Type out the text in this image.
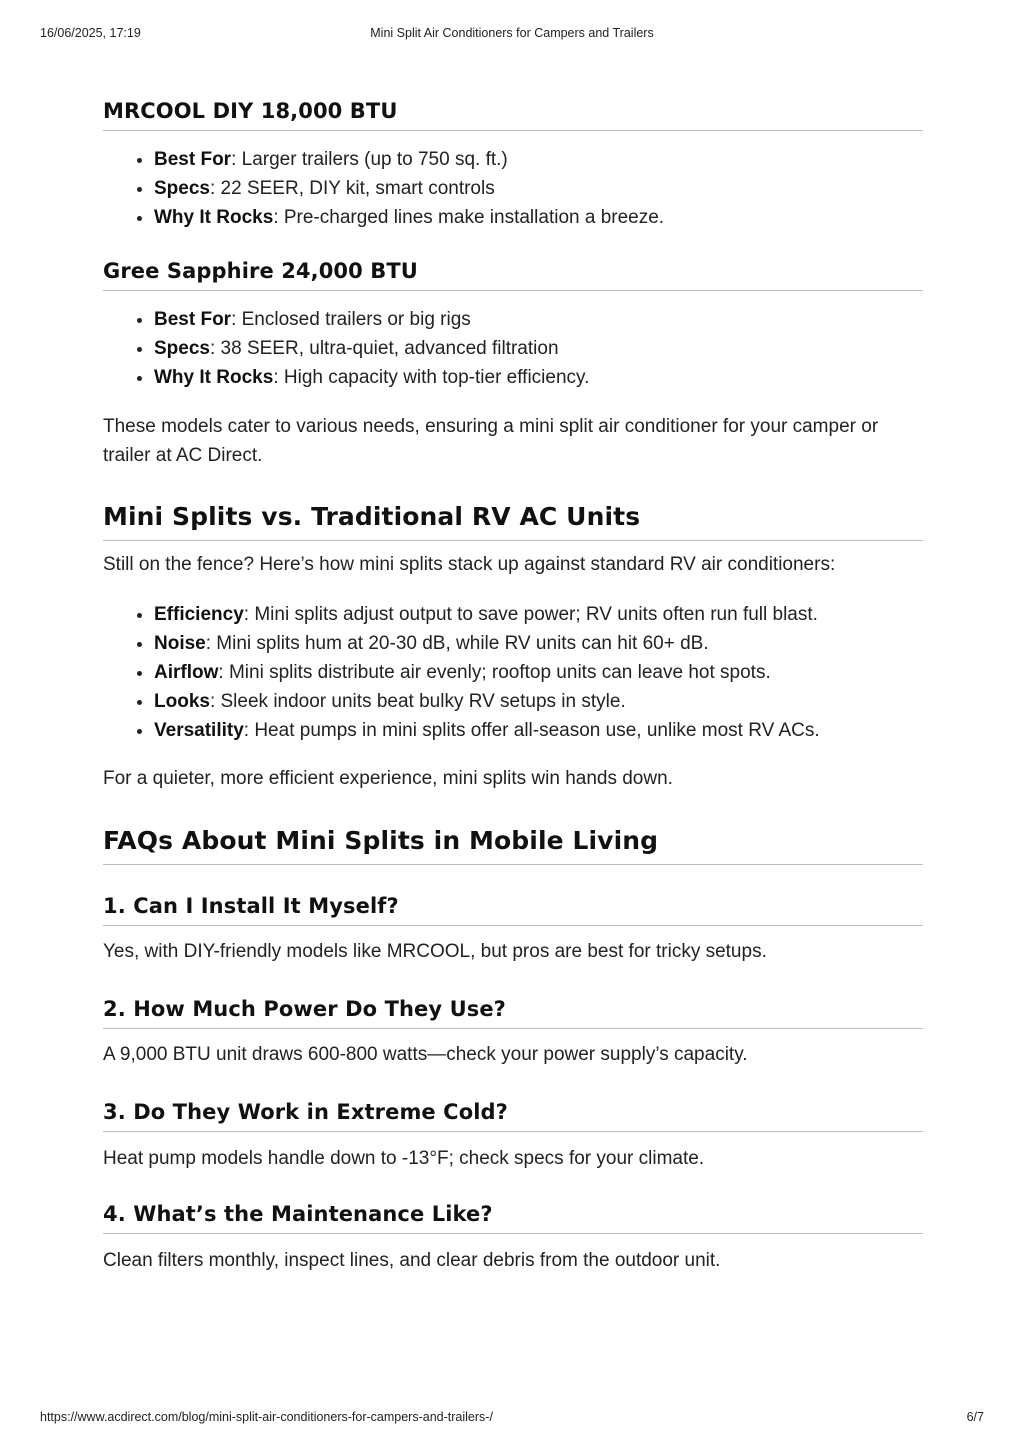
16/06/2025, 17:19	Mini Split Air Conditioners for Campers and Trailers
MRCOOL DIY 18,000 BTU
• Best For: Larger trailers (up to 750 sq. ft.)
• Specs: 22 SEER, DIY kit, smart controls
• Why It Rocks: Pre-charged lines make installation a breeze.
Gree Sapphire 24,000 BTU
• Best For: Enclosed trailers or big rigs
• Specs: 38 SEER, ultra-quiet, advanced filtration
• Why It Rocks: High capacity with top-tier efficiency.

These models cater to various needs, ensuring a mini split air conditioner for your camper or trailer at AC Direct.

Mini Splits vs. Traditional RV AC Units

Still on the fence? Here’s how mini splits stack up against standard RV air conditioners:

• Efficiency: Mini splits adjust output to save power; RV units often run full blast.
• Noise: Mini splits hum at 20-30 dB, while RV units can hit 60+ dB.
• Airflow: Mini splits distribute air evenly; rooftop units can leave hot spots.
• Looks: Sleek indoor units beat bulky RV setups in style.
• Versatility: Heat pumps in mini splits offer all-season use, unlike most RV ACs.

For a quieter, more efficient experience, mini splits win hands down.

FAQs About Mini Splits in Mobile Living
1. Can I Install It Myself?

Yes, with DIY-friendly models like MRCOOL, but pros are best for tricky setups.

2. How Much Power Do They Use?

A 9,000 BTU unit draws 600-800 watts—check your power supply’s capacity.

3. Do They Work in Extreme Cold?

Heat pump models handle down to -13°F; check specs for your climate.

4. What’s the Maintenance Like?

Clean filters monthly, inspect lines, and clear debris from the outdoor unit.

https://www.acdirect.com/blog/mini-split-air-conditioners-for-campers-and-trailers-/	6/7
